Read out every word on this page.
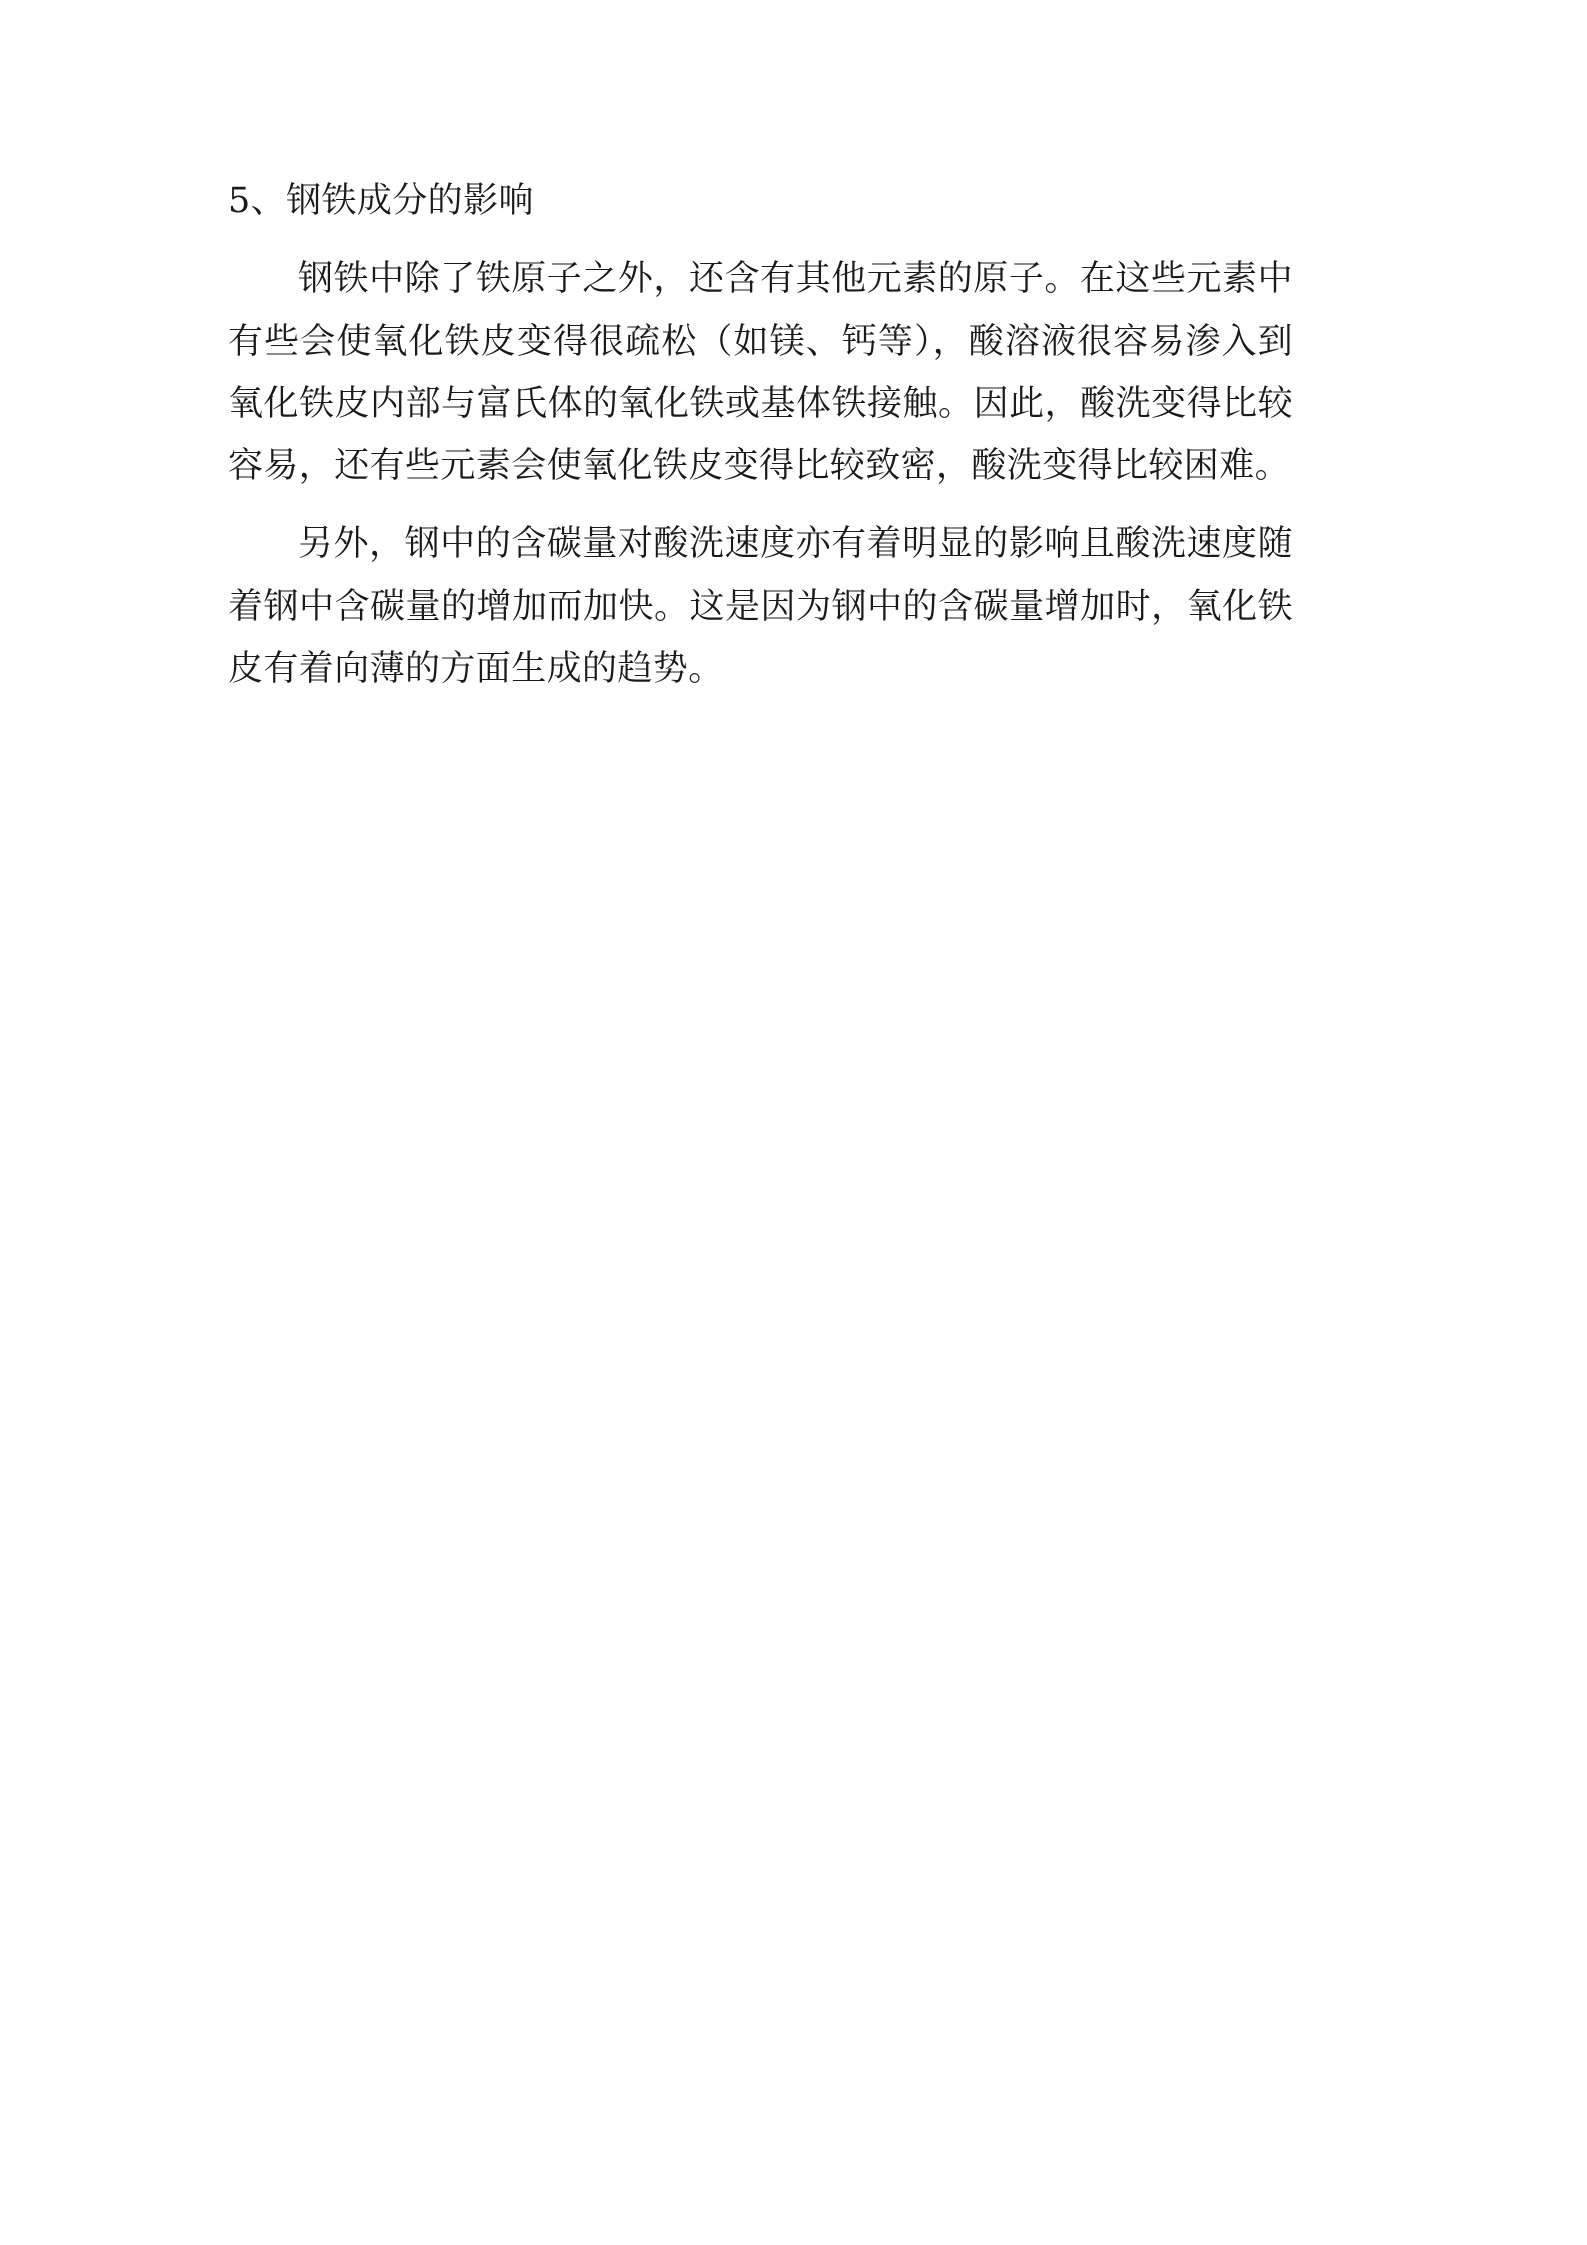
5、钢铁成分的影响

钢铁中除了铁原子之外，还含有其他元素的原子。在这些元素中有些会使氧化铁皮变得很疏松（如镁、钙等），酸溶液很容易渗入到氧化铁皮内部与富氏体的氧化铁或基体铁接触。因此，酸洗变得比较容易，还有些元素会使氧化铁皮变得比较致密，酸洗变得比较困难。

另外，钢中的含碳量对酸洗速度亦有着明显的影响且酸洗速度随着钢中含碳量的增加而加快。这是因为钢中的含碳量增加时，氧化铁皮有着向薄的方面生成的趋势。
